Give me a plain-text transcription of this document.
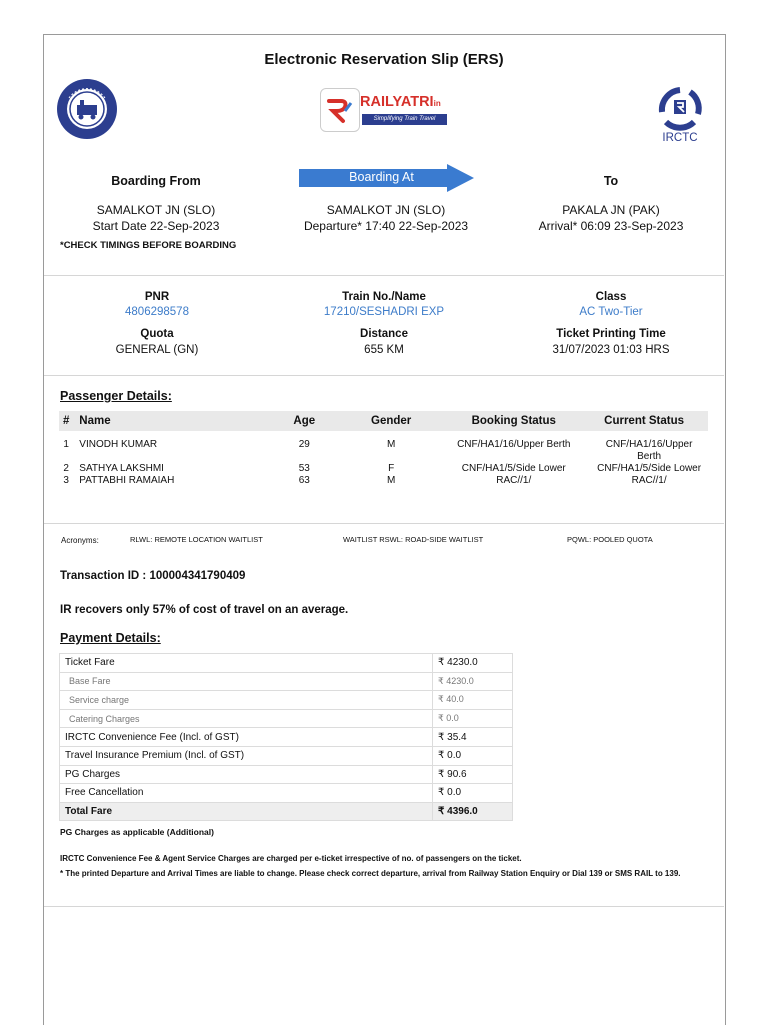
Electronic Reservation Slip (ERS)
RAILYATRIin
Simplifying Train Travel
IRCTC
Boarding From	Boarding At	To
SAMALKOT JN (SLO)
Start Date 22-Sep-2023
SAMALKOT JN (SLO)
Departure* 17:40 22-Sep-2023
PAKALA JN (PAK)
Arrival* 06:09 23-Sep-2023
*CHECK TIMINGS BEFORE BOARDING
PNR
4806298578
Train No./Name
17210/SESHADRI EXP
Class
AC Two-Tier
Quota
GENERAL (GN)
Distance
655 KM
Ticket Printing Time
31/07/2023 01:03 HRS
Passenger Details:
#	Name	Age	Gender	Booking Status	Current Status
1	VINODH KUMAR	29	M	CNF/HA1/16/Upper Berth	CNF/HA1/16/Upper Berth
2	SATHYA LAKSHMI	53	F	CNF/HA1/5/Side Lower	CNF/HA1/5/Side Lower
3	PATTABHI RAMAIAH	63	M	RAC//1/	RAC//1/
Acronyms:	RLWL: REMOTE LOCATION WAITLIST	WAITLIST RSWL: ROAD-SIDE WAITLIST	PQWL: POOLED QUOTA
Transaction ID : 100004341790409
IR recovers only 57% of cost of travel on an average.
Payment Details:
Ticket Fare	₹ 4230.0
Base Fare	₹ 4230.0
Service charge	₹ 40.0
Catering Charges	₹ 0.0
IRCTC Convenience Fee (Incl. of GST)	₹ 35.4
Travel Insurance Premium (Incl. of GST)	₹ 0.0
PG Charges	₹ 90.6
Free Cancellation	₹ 0.0
Total Fare	₹ 4396.0
PG Charges as applicable (Additional)
IRCTC Convenience Fee & Agent Service Charges are charged per e-ticket irrespective of no. of passengers on the ticket.
* The printed Departure and Arrival Times are liable to change. Please check correct departure, arrival from Railway Station Enquiry or Dial 139 or SMS RAIL to 139.
